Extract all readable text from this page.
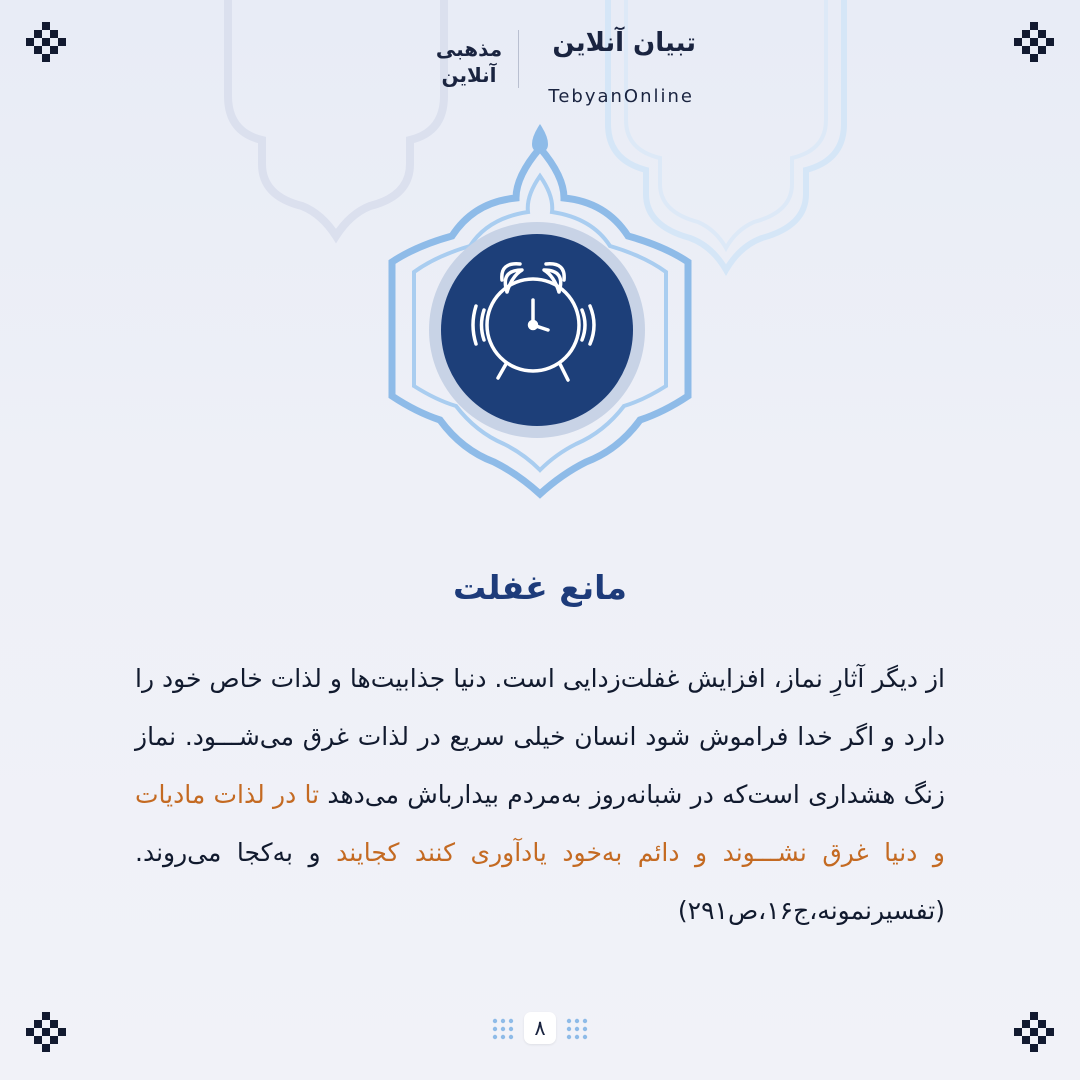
تبیان آنلاین
TebyanOnline
مذهبی
آنلاین
مانع غفلت
از دیگر آثارِ نماز، افزایش غفلت‌زدایی است. دنیا جذابیت‌ها و لذات خاص خود را دارد و اگر خدا فراموش شود انسان خیلی سریع در لذات غرق می‌شـــود. نماز زنگ هشداری است‌که در شبانه‌روز به‌مردم بیدارباش می‌دهد تا در لذات مادیات و دنیا غرق نشـــوند و دائم به‌خود یادآوری کنند کجایند و به‌کجا می‌روند.(تفسیرنمونه،ج۱۶،ص۲۹۱)
۸
